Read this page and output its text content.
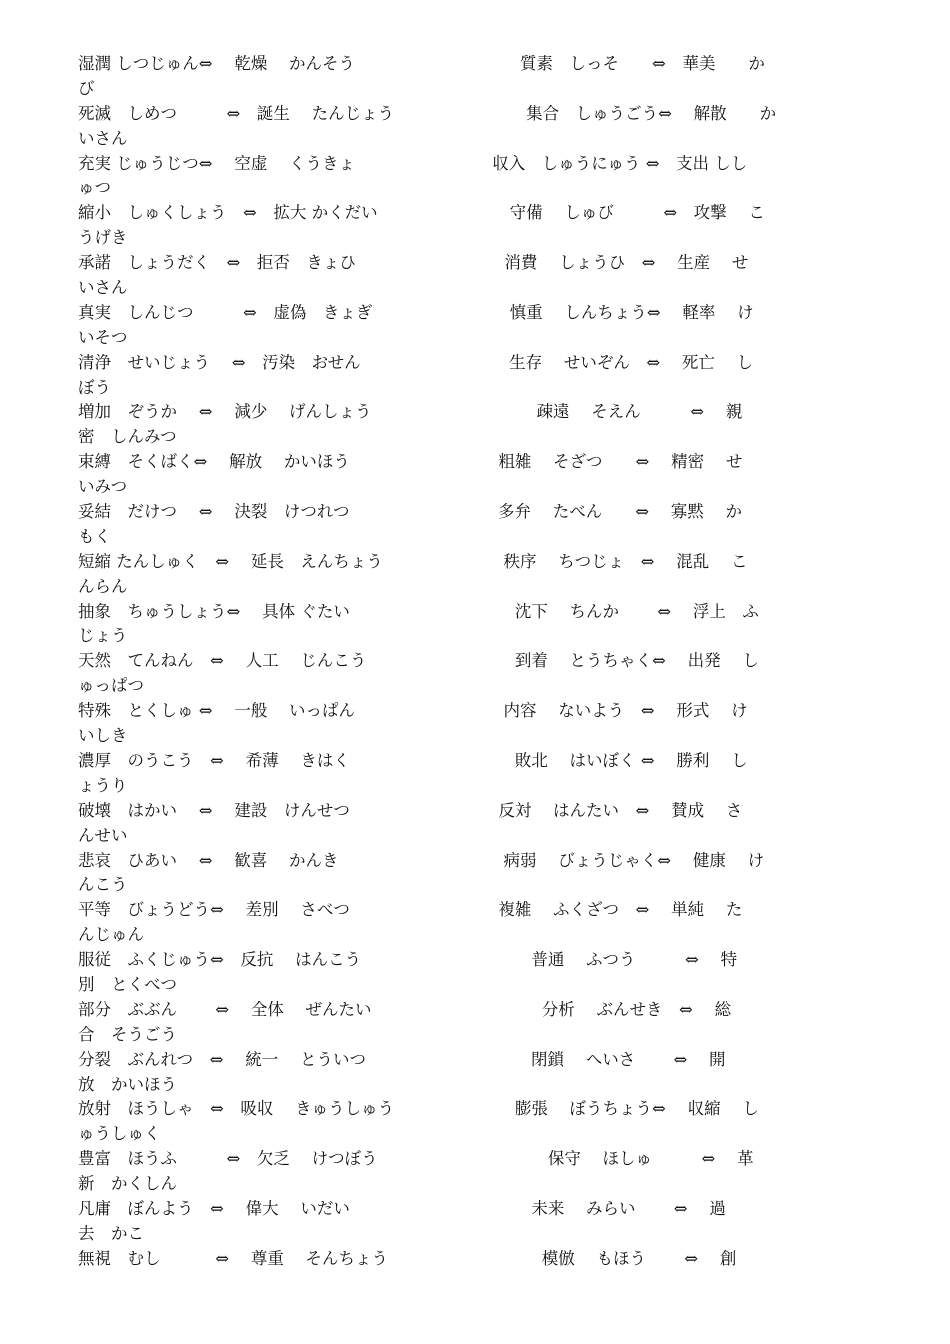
湿潤 しつじゅん⇔　 乾燥　 かんそう　　　　　　　　　　質素　しっそ　　⇔　華美　　か
び
死滅　しめつ　　　⇔　誕生　 たんじょう　　　　　　　　集合　しゅうごう⇔　 解散　　か
いさん
充実 じゅうじつ⇔　 空虚　 くうきょ　　　　　　　　 収入　しゅうにゅう ⇔　支出 しし
ゅつ
縮小　しゅくしょう　⇔　拡大 かくだい　　　　　　　　守備　 しゅび　　　⇔　攻撃　 こ
うげき
承諾　しょうだく　⇔　拒否　きょひ　　　　　　　　　消費　 しょうひ　⇔　 生産　 せ
いさん
真実　しんじつ　　　⇔　虚偽　きょぎ　　　　　　　　 慎重　 しんちょう⇔　 軽率　 け
いそつ
清浄　せいじょう　 ⇔　汚染　おせん　　　　　　　　　生存　 せいぞん　⇔　 死亡　 し
ぼう
増加　ぞうか　 ⇔　 減少　 げんしょう　　　　　　　　　　疎遠　 そえん　　　⇔　 親
密　しんみつ
束縛　そくばく⇔　 解放　 かいほう　　　　　　　　　粗雑　 そざつ　　⇔　 精密　 せ
いみつ
妥結　だけつ　 ⇔　 決裂　けつれつ　　　　　　　　　多弁　 たべん　　⇔　 寡黙　 か
もく
短縮 たんしゅく　⇔　 延長　えんちょう　　　　　　　 秩序　 ちつじょ　⇔　 混乱　 こ
んらん
抽象　ちゅうしょう⇔　 具体 ぐたい　　　　　　　　　　沈下　 ちんか　　 ⇔　 浮上　ふ
じょう
天然　てんねん　⇔　 人工　 じんこう　　　　　　　　　到着　 とうちゃく⇔　 出発　 し
ゅっぱつ
特殊　とくしゅ ⇔　 一般　 いっぱん　　　　　　　　　内容　 ないよう　⇔　 形式　 け
いしき
濃厚　のうこう　⇔　 希薄　 きはく　　　　　　　　　　敗北　 はいぼく ⇔　 勝利　 し
ょうり
破壊　はかい　 ⇔　 建設　けんせつ　　　　　　　　　反対　 はんたい　⇔　 賛成　 さ
んせい
悲哀　ひあい　 ⇔　 歓喜　 かんき　　　　　　　　　　病弱　 びょうじゃく⇔　 健康　 け
んこう
平等　びょうどう⇔　 差別　 さべつ　　　　　　　　　複雑　 ふくざつ　⇔　 単純　 た
んじゅん
服従　ふくじゅう⇔　反抗　 はんこう　　　　　　　　　　 普通　 ふつう　　　⇔　 特
別　とくべつ
部分　ぶぶん　　 ⇔　 全体　 ぜんたい　　　　　　　　　　 分析　 ぶんせき　⇔　 総
合　そうごう
分裂　ぶんれつ　⇔　 統一　 とういつ　　　　　　　　　　閉鎖　 へいさ　　 ⇔　 開
放　かいほう
放射　ほうしゃ　⇔　吸収　 きゅうしゅう　　　　　　　 膨張　 ぼうちょう⇔　 収縮　 し
ゅうしゅく
豊富　ほうふ　　　⇔　欠乏　 けつぼう　　　　　　　　　　 保守　 ほしゅ　　　⇔　 革
新　かくしん
凡庸　ぼんよう　⇔　 偉大　 いだい　　　　　　　　　　　未来　 みらい　　 ⇔　 過
去　かこ
無視　むし　　　 ⇔　 尊重　 そんちょう　　　　　　　　　 模倣　 もほう　　 ⇔　 創
